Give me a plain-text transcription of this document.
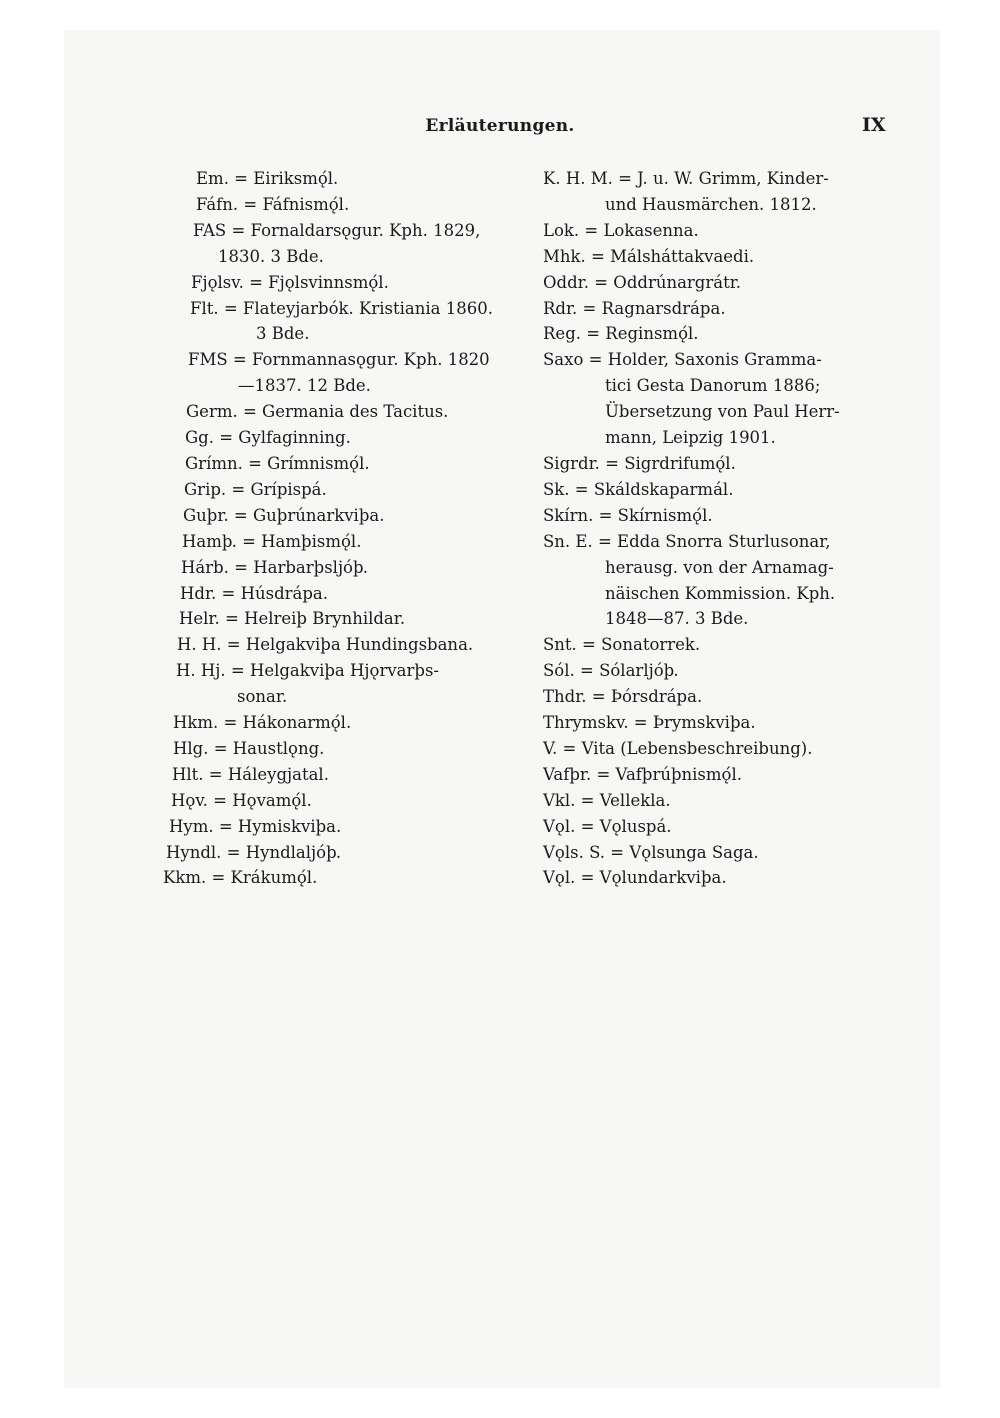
Erläuterungen.	IX
Em. = Eiriksmǫ́l.
Fáfn. = Fáfnismǫ́l.
FAS = Fornaldarsǫgur. Kph. 1829,
1830. 3 Bde.
Fjǫlsv. = Fjǫlsvinnsmǫ́l.
Flt. = Flateyjarbók. Kristiania 1860.
3 Bde.
FMS = Fornmannasǫgur. Kph. 1820
—1837. 12 Bde.
Germ. = Germania des Tacitus.
Gg. = Gylfaginning.
Grímn. = Grímnismǫ́l.
Grip. = Grípispá.
Guþr. = Guþrúnarkviþa.
Hamþ. = Hamþismǫ́l.
Hárb. = Harbarþsljóþ.
Hdr. = Húsdrápa.
Helr. = Helreiþ Brynhildar.
H. H. = Helgakviþa Hundingsbana.
H. Hj. = Helgakviþa Hjǫrvarþs-
sonar.
Hkm. = Hákonarmǫ́l.
Hlg. = Haustlǫng.
Hlt. = Háleygjatal.
Hǫv. = Hǫvamǫ́l.
Hym. = Hymiskviþa.
Hyndl. = Hyndlaljóþ.
Kkm. = Krákumǫ́l.
K. H. M. = J. u. W. Grimm, Kinder-
und Hausmärchen. 1812.
Lok. = Lokasenna.
Mhk. = Málsháttakvaedi.
Oddr. = Oddrúnargrátr.
Rdr. = Ragnarsdrápa.
Reg. = Reginsmǫ́l.
Saxo = Holder, Saxonis Gramma-
tici Gesta Danorum 1886;
Übersetzung von Paul Herr-
mann, Leipzig 1901.
Sigrdr. = Sigrdrifumǫ́l.
Sk. = Skáldskaparmál.
Skírn. = Skírnismǫ́l.
Sn. E. = Edda Snorra Sturlusonar,
herausg. von der Arnamag-
näischen Kommission. Kph.
1848—87. 3 Bde.
Snt. = Sonatorrek.
Sól. = Sólarljóþ.
Thdr. = Þórsdrápa.
Thrymskv. = Þrymskviþa.
V. = Vita (Lebensbeschreibung).
Vafþr. = Vafþrúþnismǫ́l.
Vkl. = Vellekla.
Vǫl. = Vǫluspá.
Vǫls. S. = Vǫlsunga Saga.
Vǫl. = Vǫlundarkviþa.
